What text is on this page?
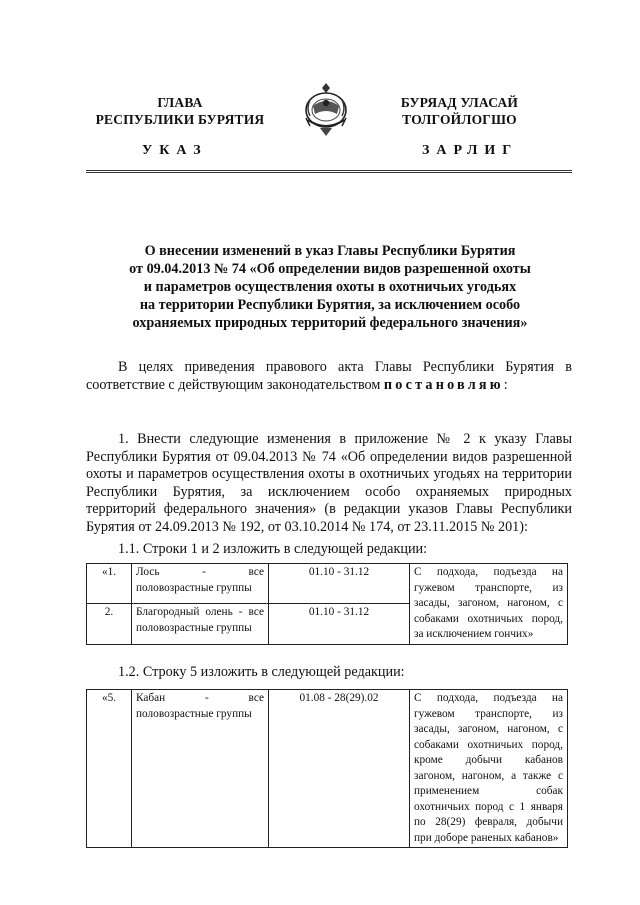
ГЛАВА
РЕСПУБЛИКИ БУРЯТИЯ
БУРЯАД УЛАСАЙ
ТОЛГОЙЛОГШО
УКАЗ	ЗАРЛИГ
О внесении изменений в указ Главы Республики Бурятия
от 09.04.2013 № 74 «Об определении видов разрешенной охоты
и параметров осуществления охоты в охотничьих угодьях
на территории Республики Бурятия, за исключением особо
охраняемых природных территорий федерального значения»
В целях приведения правового акта Главы Республики Бурятия в соответствие с действующим законодательством постановляю:
1. Внести следующие изменения в приложение № 2 к указу Главы Республики Бурятия от 09.04.2013 № 74 «Об определении видов разрешенной охоты и параметров осуществления охоты в охотничьих угодьях на территории Республики Бурятия, за исключением особо охраняемых природных территорий федерального значения» (в редакции указов Главы Республики Бурятия от 24.09.2013 № 192, от 03.10.2014 № 174, от 23.11.2015 № 201):
1.1. Строки 1 и 2 изложить в следующей редакции:
«1.	Лось - все половозрастные группы	01.10 - 31.12	С подхода, подъезда на гужевом транспорте, из засады, загоном, нагоном, с собаками охотничьих пород, за исключением гончих»
2.	Благородный олень - все половозрастные группы	01.10 - 31.12	
1.2. Строку 5 изложить в следующей редакции:
«5.	Кабан - все половозрастные группы	01.08 - 28(29).02	С подхода, подъезда на гужевом транспорте, из засады, загоном, нагоном, с собаками охотничьих пород, кроме добычи кабанов загоном, нагоном, а также с применением собак охотничьих пород с 1 января по 28(29) февраля, добычи при доборе раненых кабанов»
